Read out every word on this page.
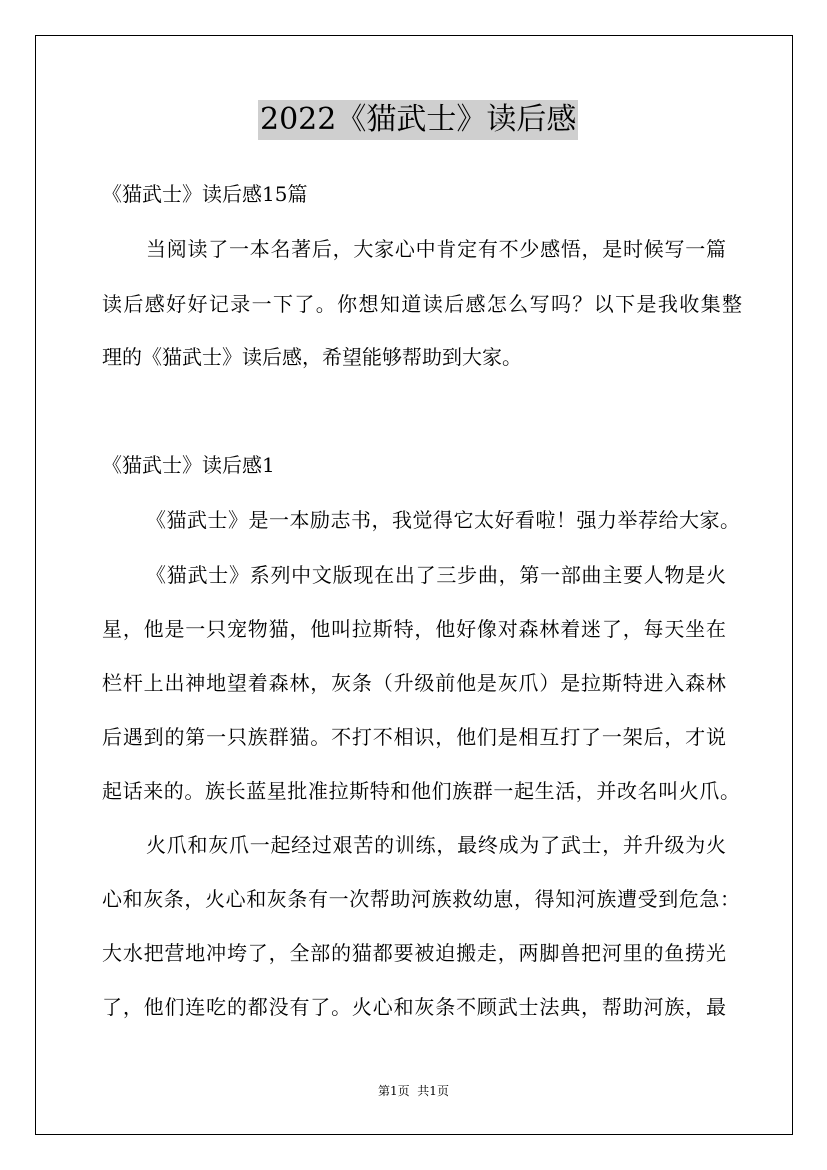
2022《猫武士》读后感
《猫武士》读后感15篇
当阅读了一本名著后，大家心中肯定有不少感悟，是时候写一篇
读后感好好记录一下了。你想知道读后感怎么写吗？以下是我收集整
理的《猫武士》读后感，希望能够帮助到大家。
《猫武士》读后感1
《猫武士》是一本励志书，我觉得它太好看啦！强力举荐给大家。
《猫武士》系列中文版现在出了三步曲，第一部曲主要人物是火
星，他是一只宠物猫，他叫拉斯特，他好像对森林着迷了，每天坐在
栏杆上出神地望着森林，灰条（升级前他是灰爪）是拉斯特进入森林
后遇到的第一只族群猫。不打不相识，他们是相互打了一架后，才说
起话来的。族长蓝星批准拉斯特和他们族群一起生活，并改名叫火爪。
火爪和灰爪一起经过艰苦的训练，最终成为了武士，并升级为火
心和灰条，火心和灰条有一次帮助河族救幼崽，得知河族遭受到危急：
大水把营地冲垮了，全部的猫都要被迫搬走，两脚兽把河里的鱼捞光
了，他们连吃的都没有了。火心和灰条不顾武士法典，帮助河族，最
第1页  共1页
